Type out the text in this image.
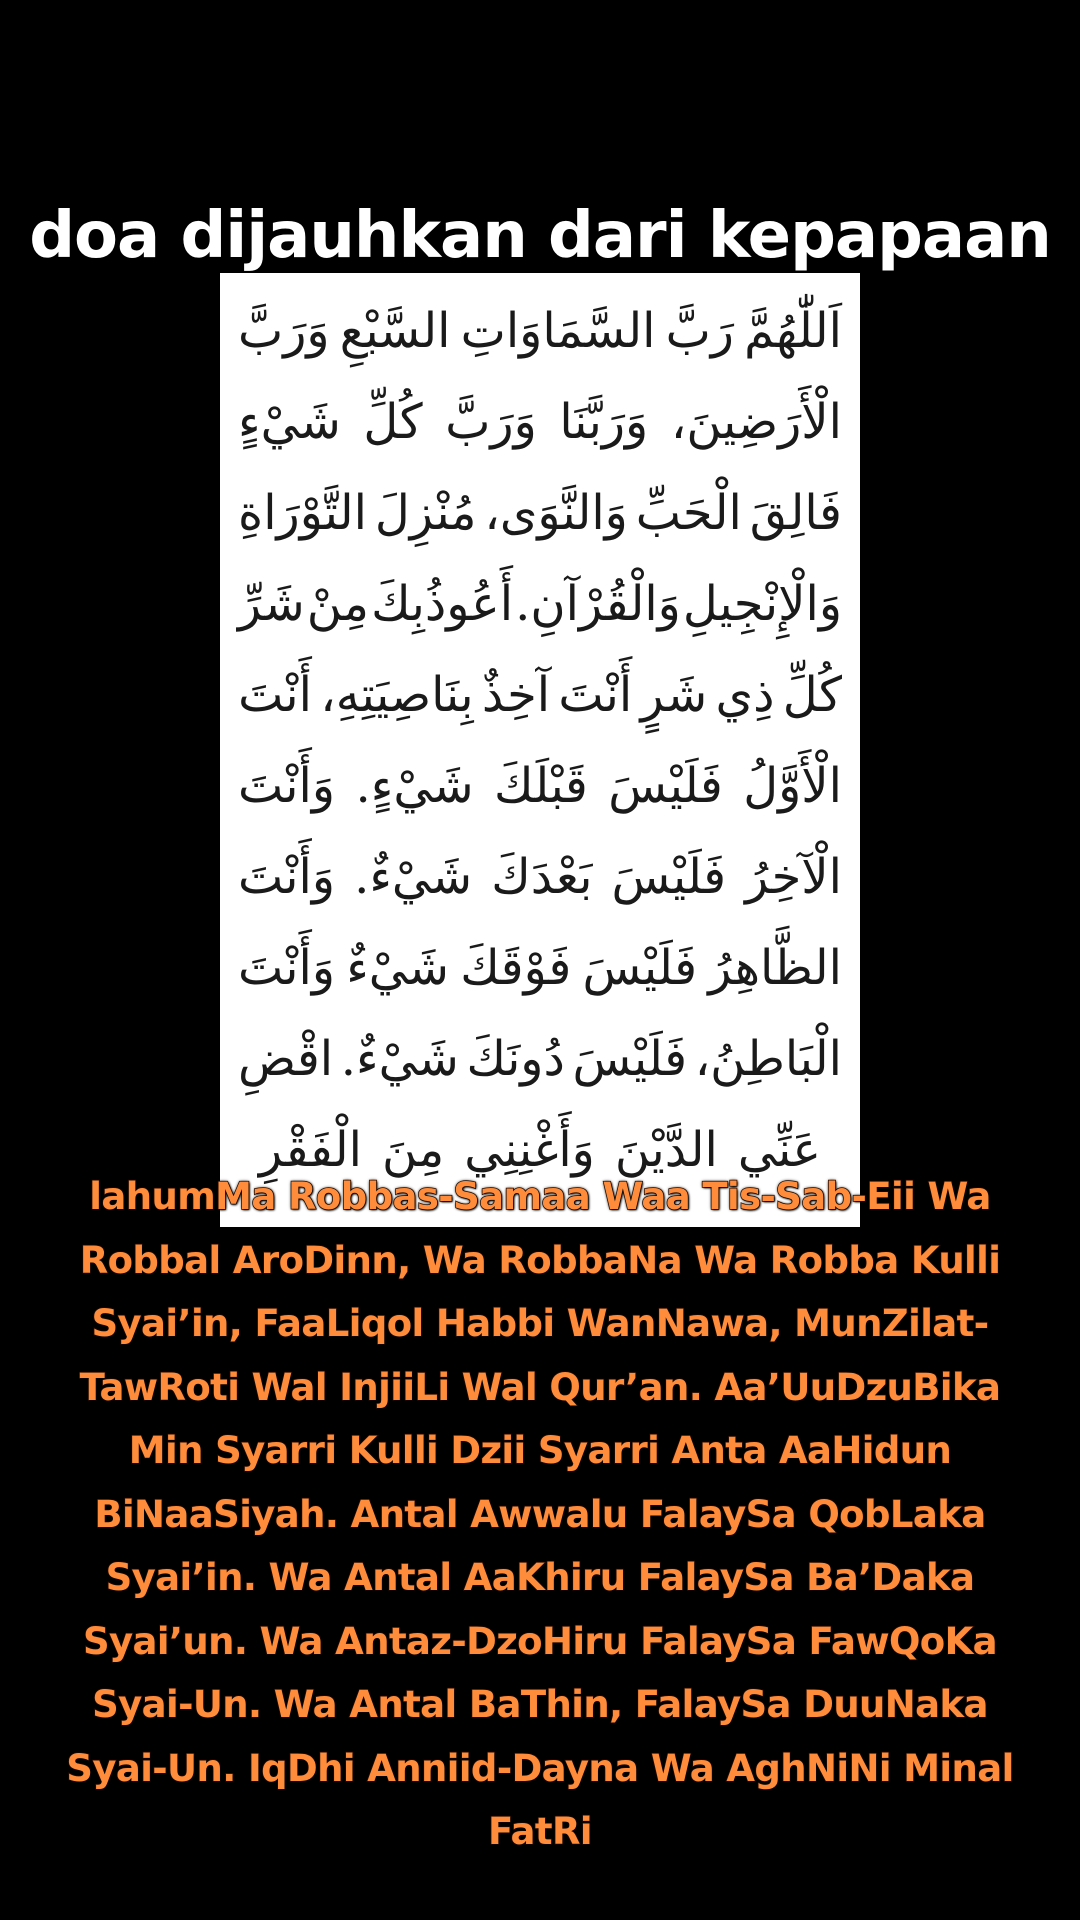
doa dijauhkan dari kepapaan
اَللّٰهُمَّ
رَبَّ
السَّمَاوَاتِ
السَّبْعِ
وَرَبَّ
الْأَرَضِينَ،
وَرَبَّنَا
وَرَبَّ
كُلِّ
شَيْءٍ
فَالِقَ
الْحَبِّ
وَالنَّوَى،
مُنْزِلَ
التَّوْرَاةِ
وَالْإِنْجِيلِ
وَالْقُرْآنِ.
أَعُوذُبِكَ
مِنْ
شَرِّ
كُلِّ
ذِي
شَرٍ
أَنْتَ
آخِذٌ
بِنَاصِيَتِهِ،
أَنْتَ
الْأَوَّلُ
فَلَيْسَ
قَبْلَكَ
شَيْءٍ.
وَأَنْتَ
الْآخِرُ
فَلَيْسَ
بَعْدَكَ
شَيْءٌ.
وَأَنْتَ
الظَّاهِرُ
فَلَيْسَ
فَوْقَكَ
شَيْءٌ
وَأَنْتَ
الْبَاطِنُ،
فَلَيْسَ
دُونَكَ
شَيْءٌ.
اقْضِ
عَنِّي
الدَّيْنَ
وَأَغْنِنِي
مِنَ
الْفَقْرِ
lahumMa Robbas-Samaa Waa Tis-Sab-Eii Wa Robbal AroDinn, Wa RobbaNa Wa Robba Kulli Syai’in, FaaLiqol Habbi WanNawa, MunZilat-TawRoti Wal InjiiLi Wal Qur’an. Aa’UuDzuBika Min Syarri Kulli Dzii Syarri Anta AaHidun BiNaaSiyah. Antal Awwalu FalaySa QobLaka Syai’in. Wa Antal AaKhiru FalaySa Ba’Daka Syai’un. Wa Antaz-DzoHiru FalaySa FawQoKa Syai-Un. Wa Antal BaThin, FalaySa DuuNaka Syai-Un. IqDhi Anniid-Dayna Wa AghNiNi Minal FatRi
